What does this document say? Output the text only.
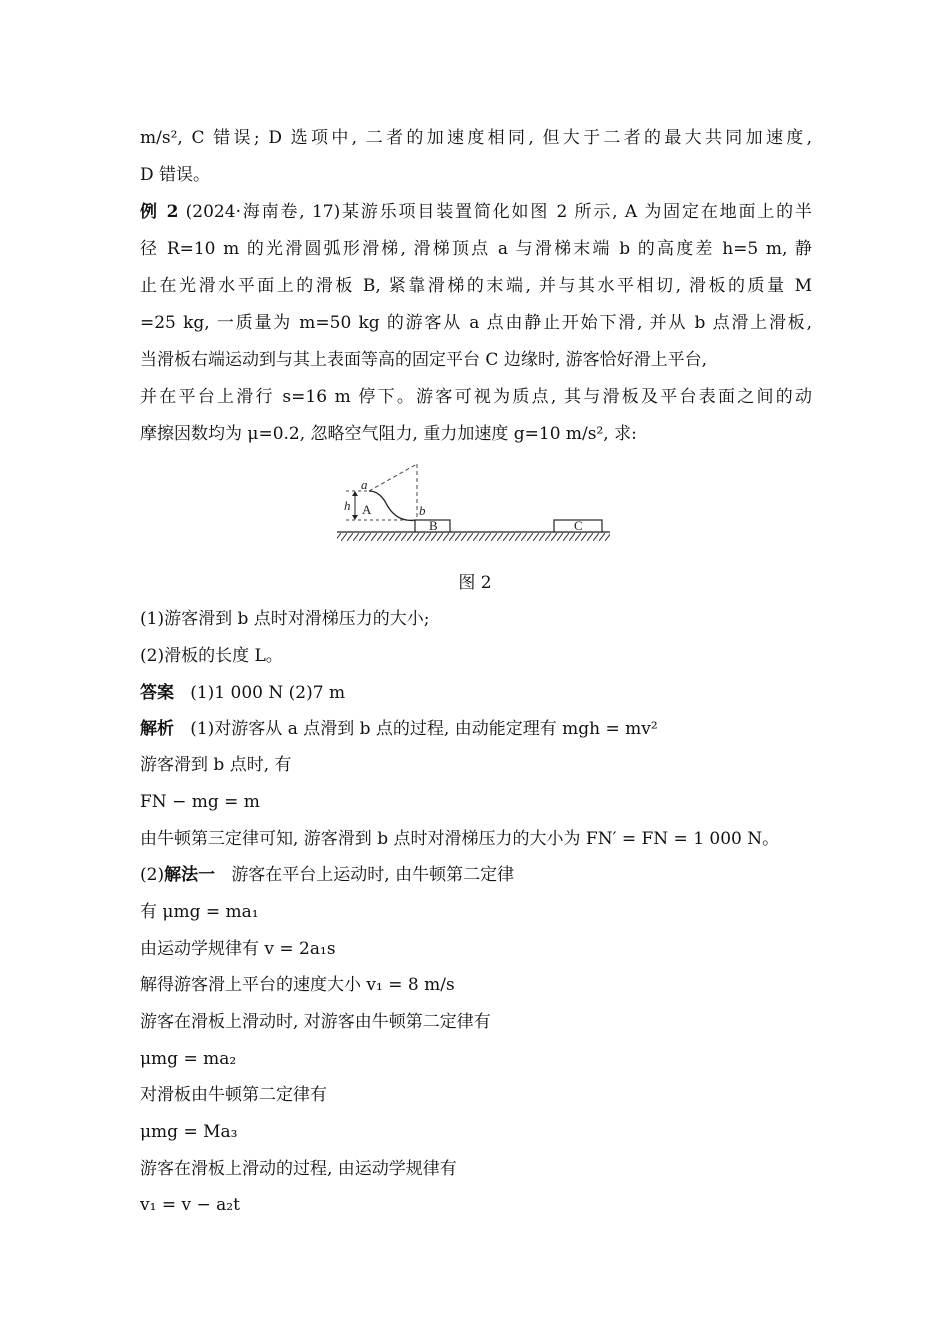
m/s², C 错误; D 选项中, 二者的加速度相同, 但大于二者的最大共同加速度,
D 错误。
例 2 (2024·海南卷, 17)某游乐项目装置简化如图 2 所示, A 为固定在地面上的半
径 R=10 m 的光滑圆弧形滑梯, 滑梯顶点 a 与滑梯末端 b 的高度差 h=5 m, 静
止在光滑水平面上的滑板 B, 紧靠滑梯的末端, 并与其水平相切, 滑板的质量 M
=25 kg, 一质量为 m=50 kg 的游客从 a 点由静止开始下滑, 并从 b 点滑上滑板,
当滑板右端运动到与其上表面等高的固定平台 C 边缘时, 游客恰好滑上平台,
并在平台上滑行 s=16 m 停下。游客可视为质点, 其与滑板及平台表面之间的动
摩擦因数均为 μ=0.2, 忽略空气阻力, 重力加速度 g=10 m/s², 求:
a
b
h A
B	C
图 2
(1)游客滑到 b 点时对滑梯压力的大小;
(2)滑板的长度 L。
答案 (1)1 000 N (2)7 m
解析 (1)对游客从 a 点滑到 b 点的过程, 由动能定理有 mgh = mv²
游客滑到 b 点时, 有
FN − mg = m
由牛顿第三定律可知, 游客滑到 b 点时对滑梯压力的大小为 FN′ = FN = 1 000 N。
(2)解法一 游客在平台上运动时, 由牛顿第二定律
有 μmg = ma₁
由运动学规律有 v = 2a₁s
解得游客滑上平台的速度大小 v₁ = 8 m/s
游客在滑板上滑动时, 对游客由牛顿第二定律有
μmg = ma₂
对滑板由牛顿第二定律有
μmg = Ma₃
游客在滑板上滑动的过程, 由运动学规律有
v₁ = v − a₂t
